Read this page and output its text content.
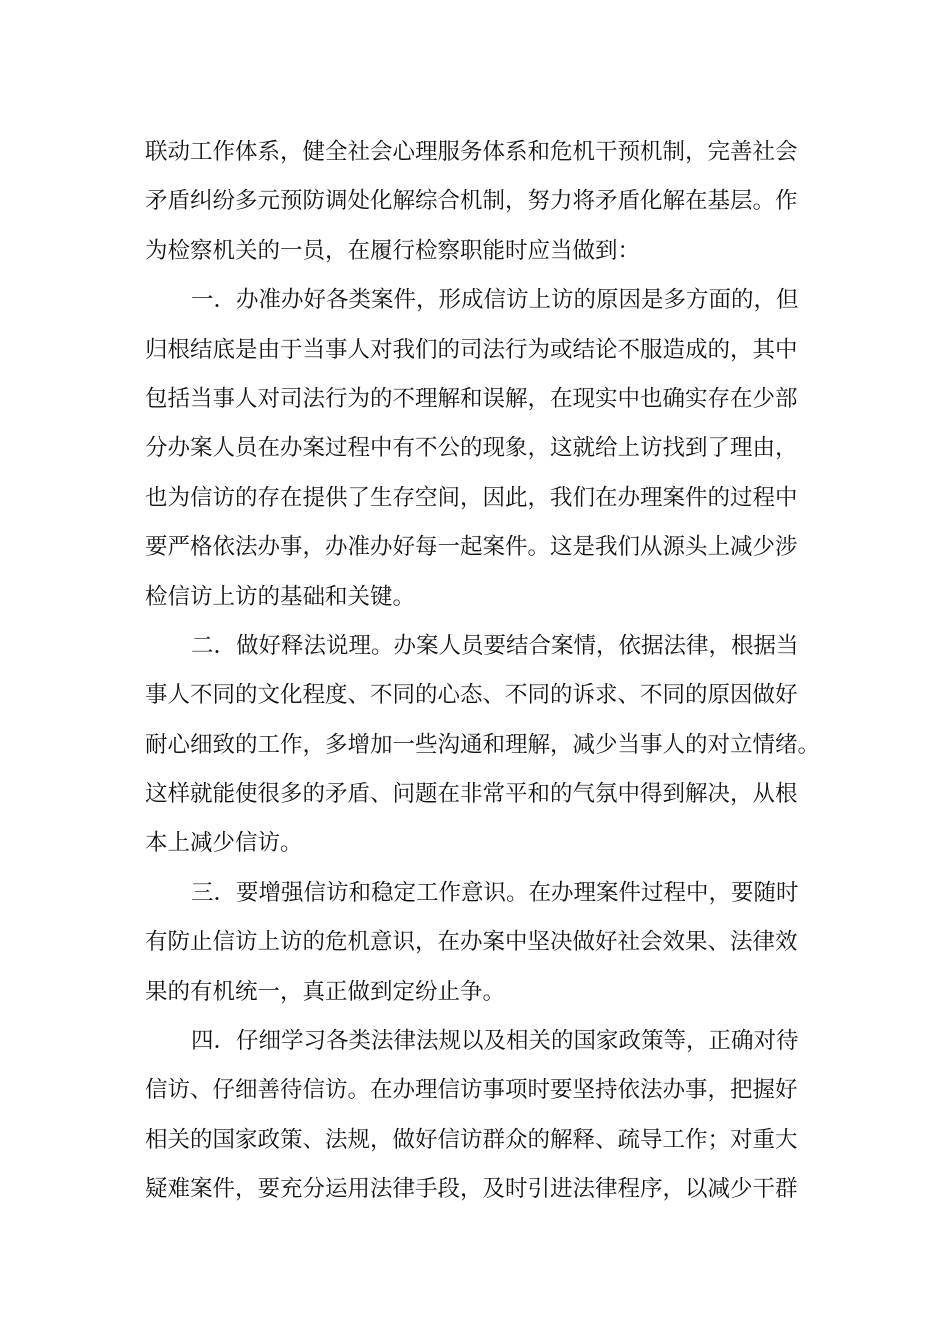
联动工作体系，健全社会心理服务体系和危机干预机制，完善社会
矛盾纠纷多元预防调处化解综合机制，努力将矛盾化解在基层。作
为检察机关的一员，在履行检察职能时应当做到：
一．办准办好各类案件，形成信访上访的原因是多方面的，但
归根结底是由于当事人对我们的司法行为或结论不服造成的，其中
包括当事人对司法行为的不理解和误解，在现实中也确实存在少部
分办案人员在办案过程中有不公的现象，这就给上访找到了理由，
也为信访的存在提供了生存空间，因此，我们在办理案件的过程中
要严格依法办事，办准办好每一起案件。这是我们从源头上减少涉
检信访上访的基础和关键。
二．做好释法说理。办案人员要结合案情，依据法律，根据当
事人不同的文化程度、不同的心态、不同的诉求、不同的原因做好
耐心细致的工作，多增加一些沟通和理解，减少当事人的对立情绪。
这样就能使很多的矛盾、问题在非常平和的气氛中得到解决，从根
本上减少信访。
三．要增强信访和稳定工作意识。在办理案件过程中，要随时
有防止信访上访的危机意识，在办案中坚决做好社会效果、法律效
果的有机统一，真正做到定纷止争。
四．仔细学习各类法律法规以及相关的国家政策等，正确对待
信访、仔细善待信访。在办理信访事项时要坚持依法办事，把握好
相关的国家政策、法规，做好信访群众的解释、疏导工作；对重大
疑难案件，要充分运用法律手段，及时引进法律程序，以减少干群
